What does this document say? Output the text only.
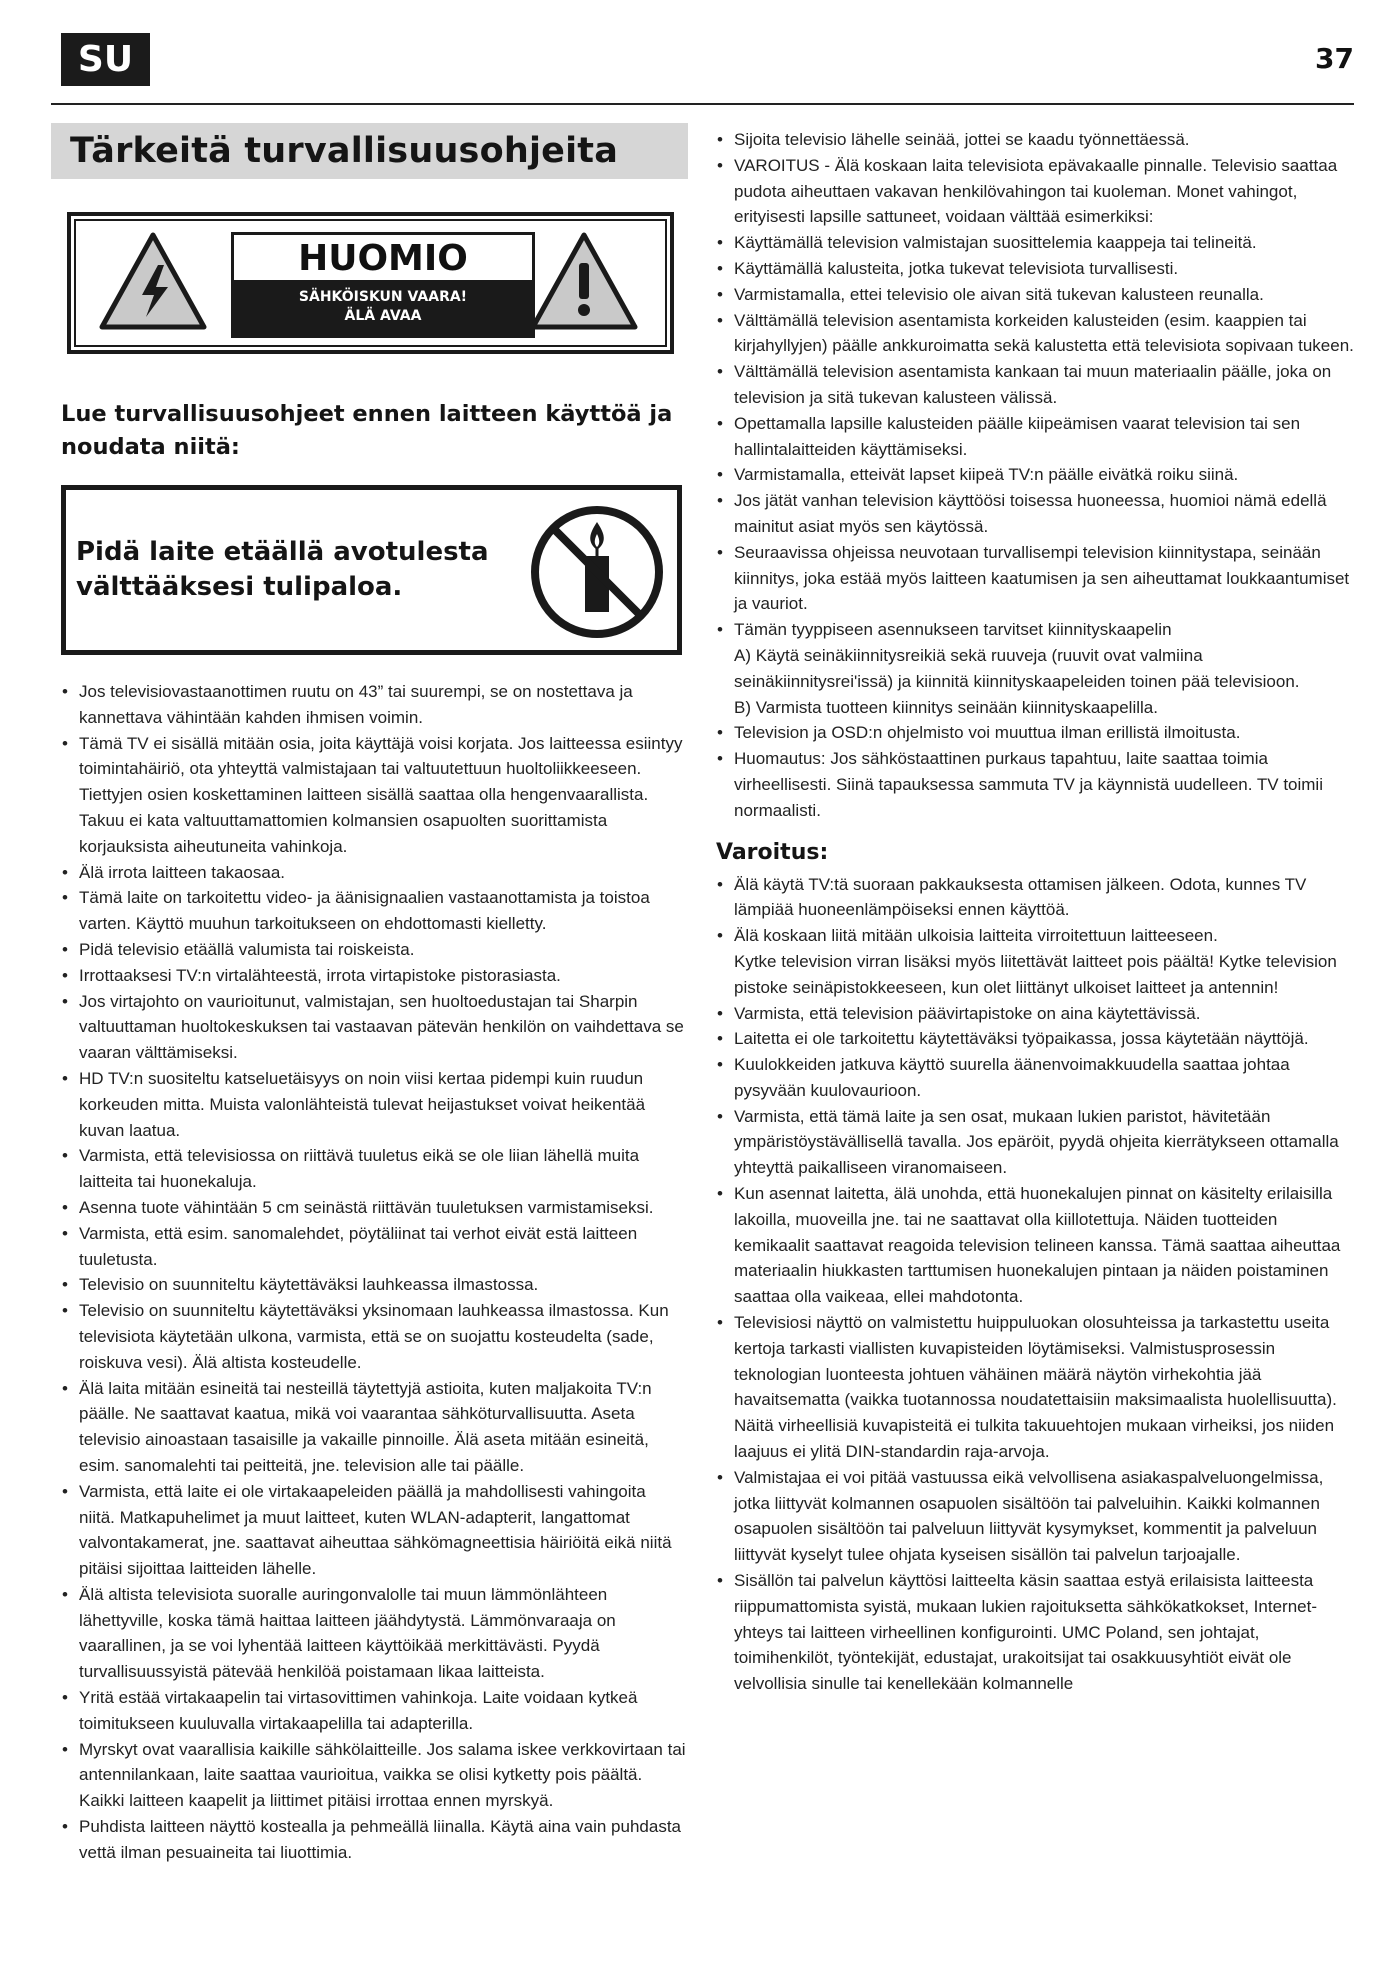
SU	37
Tärkeitä turvallisuusohjeita
HUOMIO
SÄHKÖISKUN VAARA!
ÄLÄ AVAA
Lue turvallisuusohjeet ennen laitteen käyttöä ja noudata niitä:
Pidä laite etäällä avotulesta
välttääksesi tulipaloa.
• Jos televisiovastaanottimen ruutu on 43” tai suurempi, se on nostettava ja kannettava vähintään kahden ihmisen voimin.
• Tämä TV ei sisällä mitään osia, joita käyttäjä voisi korjata. Jos laitteessa esiintyy toimintahäiriö, ota yhteyttä valmistajaan tai valtuutettuun huoltoliikkeeseen. Tiettyjen osien koskettaminen laitteen sisällä saattaa olla hengenvaarallista. Takuu ei kata valtuuttamattomien kolmansien osapuolten suorittamista korjauksista aiheutuneita vahinkoja.
• Älä irrota laitteen takaosaa.
• Tämä laite on tarkoitettu video- ja äänisignaalien vastaanottamista ja toistoa varten. Käyttö muuhun tarkoitukseen on ehdottomasti kielletty.
• Pidä televisio etäällä valumista tai roiskeista.
• Irrottaaksesi TV:n virtalähteestä, irrota virtapistoke pistorasiasta.
• Jos virtajohto on vaurioitunut, valmistajan, sen huoltoedustajan tai Sharpin valtuuttaman huoltokeskuksen tai vastaavan pätevän henkilön on vaihdettava se vaaran välttämiseksi.
• HD TV:n suositeltu katseluetäisyys on noin viisi kertaa pidempi kuin ruudun korkeuden mitta. Muista valonlähteistä tulevat heijastukset voivat heikentää kuvan laatua.
• Varmista, että televisiossa on riittävä tuuletus eikä se ole liian lähellä muita laitteita tai huonekaluja.
• Asenna tuote vähintään 5 cm seinästä riittävän tuuletuksen varmistamiseksi.
• Varmista, että esim. sanomalehdet, pöytäliinat tai verhot eivät estä laitteen tuuletusta.
• Televisio on suunniteltu käytettäväksi lauhkeassa ilmastossa.
• Televisio on suunniteltu käytettäväksi yksinomaan lauhkeassa ilmastossa. Kun televisiota käytetään ulkona, varmista, että se on suojattu kosteudelta (sade, roiskuva vesi). Älä altista kosteudelle.
• Älä laita mitään esineitä tai nesteillä täytettyjä astioita, kuten maljakoita TV:n päälle. Ne saattavat kaatua, mikä voi vaarantaa sähköturvallisuutta. Aseta televisio ainoastaan tasaisille ja vakaille pinnoille. Älä aseta mitään esineitä, esim. sanomalehti tai peitteitä, jne. television alle tai päälle.
• Varmista, että laite ei ole virtakaapeleiden päällä ja mahdollisesti vahingoita niitä. Matkapuhelimet ja muut laitteet, kuten WLAN-adapterit, langattomat valvontakamerat, jne. saattavat aiheuttaa sähkömagneettisia häiriöitä eikä niitä pitäisi sijoittaa laitteiden lähelle.
• Älä altista televisiota suoralle auringonvalolle tai muun lämmönlähteen lähettyville, koska tämä haittaa laitteen jäähdytystä. Lämmönvaraaja on vaarallinen, ja se voi lyhentää laitteen käyttöikää merkittävästi. Pyydä turvallisuussyistä pätevää henkilöä poistamaan likaa laitteista.
• Yritä estää virtakaapelin tai virtasovittimen vahinkoja. Laite voidaan kytkeä toimitukseen kuuluvalla virtakaapelilla tai adapterilla.
• Myrskyt ovat vaarallisia kaikille sähkölaitteille. Jos salama iskee verkkovirtaan tai antennilankaan, laite saattaa vaurioitua, vaikka se olisi kytketty pois päältä. Kaikki laitteen kaapelit ja liittimet pitäisi irrottaa ennen myrskyä.
• Puhdista laitteen näyttö kostealla ja pehmeällä liinalla. Käytä aina vain puhdasta vettä ilman pesuaineita tai liuottimia.
• Sijoita televisio lähelle seinää, jottei se kaadu työnnettäessä.
• VAROITUS - Älä koskaan laita televisiota epävakaalle pinnalle. Televisio saattaa pudota aiheuttaen vakavan henkilövahingon tai kuoleman. Monet vahingot, erityisesti lapsille sattuneet, voidaan välttää esimerkiksi:
• Käyttämällä television valmistajan suosittelemia kaappeja tai telineitä.
• Käyttämällä kalusteita, jotka tukevat televisiota turvallisesti.
• Varmistamalla, ettei televisio ole aivan sitä tukevan kalusteen reunalla.
• Välttämällä television asentamista korkeiden kalusteiden (esim. kaappien tai kirjahyllyjen) päälle ankkuroimatta sekä kalustetta että televisiota sopivaan tukeen.
• Välttämällä television asentamista kankaan tai muun materiaalin päälle, joka on television ja sitä tukevan kalusteen välissä.
• Opettamalla lapsille kalusteiden päälle kiipeämisen vaarat television tai sen hallintalaitteiden käyttämiseksi.
• Varmistamalla, etteivät lapset kiipeä TV:n päälle eivätkä roiku siinä.
• Jos jätät vanhan television käyttöösi toisessa huoneessa, huomioi nämä edellä mainitut asiat myös sen käytössä.
• Seuraavissa ohjeissa neuvotaan turvallisempi television kiinnitystapa, seinään kiinnitys, joka estää myös laitteen kaatumisen ja sen aiheuttamat loukkaantumiset ja vauriot.
• Tämän tyyppiseen asennukseen tarvitset kiinnityskaapelin
A) Käytä seinäkiinnitysreikiä sekä ruuveja (ruuvit ovat valmiina seinäkiinnitysrei'issä) ja kiinnitä kiinnityskaapeleiden toinen pää televisioon.
B) Varmista tuotteen kiinnitys seinään kiinnityskaapelilla.
• Television ja OSD:n ohjelmisto voi muuttua ilman erillistä ilmoitusta.
• Huomautus: Jos sähköstaattinen purkaus tapahtuu, laite saattaa toimia virheellisesti. Siinä tapauksessa sammuta TV ja käynnistä uudelleen. TV toimii normaalisti.
Varoitus:
• Älä käytä TV:tä suoraan pakkauksesta ottamisen jälkeen. Odota, kunnes TV lämpiää huoneenlämpöiseksi ennen käyttöä.
• Älä koskaan liitä mitään ulkoisia laitteita virroitettuun laitteeseen.
Kytke television virran lisäksi myös liitettävät laitteet pois päältä! Kytke television pistoke seinäpistokkeeseen, kun olet liittänyt ulkoiset laitteet ja antennin!
• Varmista, että television päävirtapistoke on aina käytettävissä.
• Laitetta ei ole tarkoitettu käytettäväksi työpaikassa, jossa käytetään näyttöjä.
• Kuulokkeiden jatkuva käyttö suurella äänenvoimakkuudella saattaa johtaa pysyvään kuulovaurioon.
• Varmista, että tämä laite ja sen osat, mukaan lukien paristot, hävitetään ympäristöystävällisellä tavalla. Jos epäröit, pyydä ohjeita kierrätykseen ottamalla yhteyttä paikalliseen viranomaiseen.
• Kun asennat laitetta, älä unohda, että huonekalujen pinnat on käsitelty erilaisilla lakoilla, muoveilla jne. tai ne saattavat olla kiillotettuja. Näiden tuotteiden kemikaalit saattavat reagoida television telineen kanssa. Tämä saattaa aiheuttaa materiaalin hiukkasten tarttumisen huonekalujen pintaan ja näiden poistaminen saattaa olla vaikeaa, ellei mahdotonta.
• Televisiosi näyttö on valmistettu huippuluokan olosuhteissa ja tarkastettu useita kertoja tarkasti viallisten kuvapisteiden löytämiseksi. Valmistusprosessin teknologian luonteesta johtuen vähäinen määrä näytön virhekohtia jää havaitsematta (vaikka tuotannossa noudatettaisiin maksimaalista huolellisuutta). Näitä virheellisiä kuvapisteitä ei tulkita takuuehtojen mukaan virheiksi, jos niiden laajuus ei ylitä DIN-standardin raja-arvoja.
• Valmistajaa ei voi pitää vastuussa eikä velvollisena asiakaspalveluongelmissa, jotka liittyvät kolmannen osapuolen sisältöön tai palveluihin. Kaikki kolmannen osapuolen sisältöön tai palveluun liittyvät kysymykset, kommentit ja palveluun liittyvät kyselyt tulee ohjata kyseisen sisällön tai palvelun tarjoajalle.
• Sisällön tai palvelun käyttösi laitteelta käsin saattaa estyä erilaisista laitteesta riippumattomista syistä, mukaan lukien rajoituksetta sähkökatkokset, Internet-yhteys tai laitteen virheellinen konfigurointi. UMC Poland, sen johtajat, toimihenkilöt, työntekijät, edustajat, urakoitsijat tai osakkuusyhtiöt eivät ole velvollisia sinulle tai kenellekään kolmannelle
